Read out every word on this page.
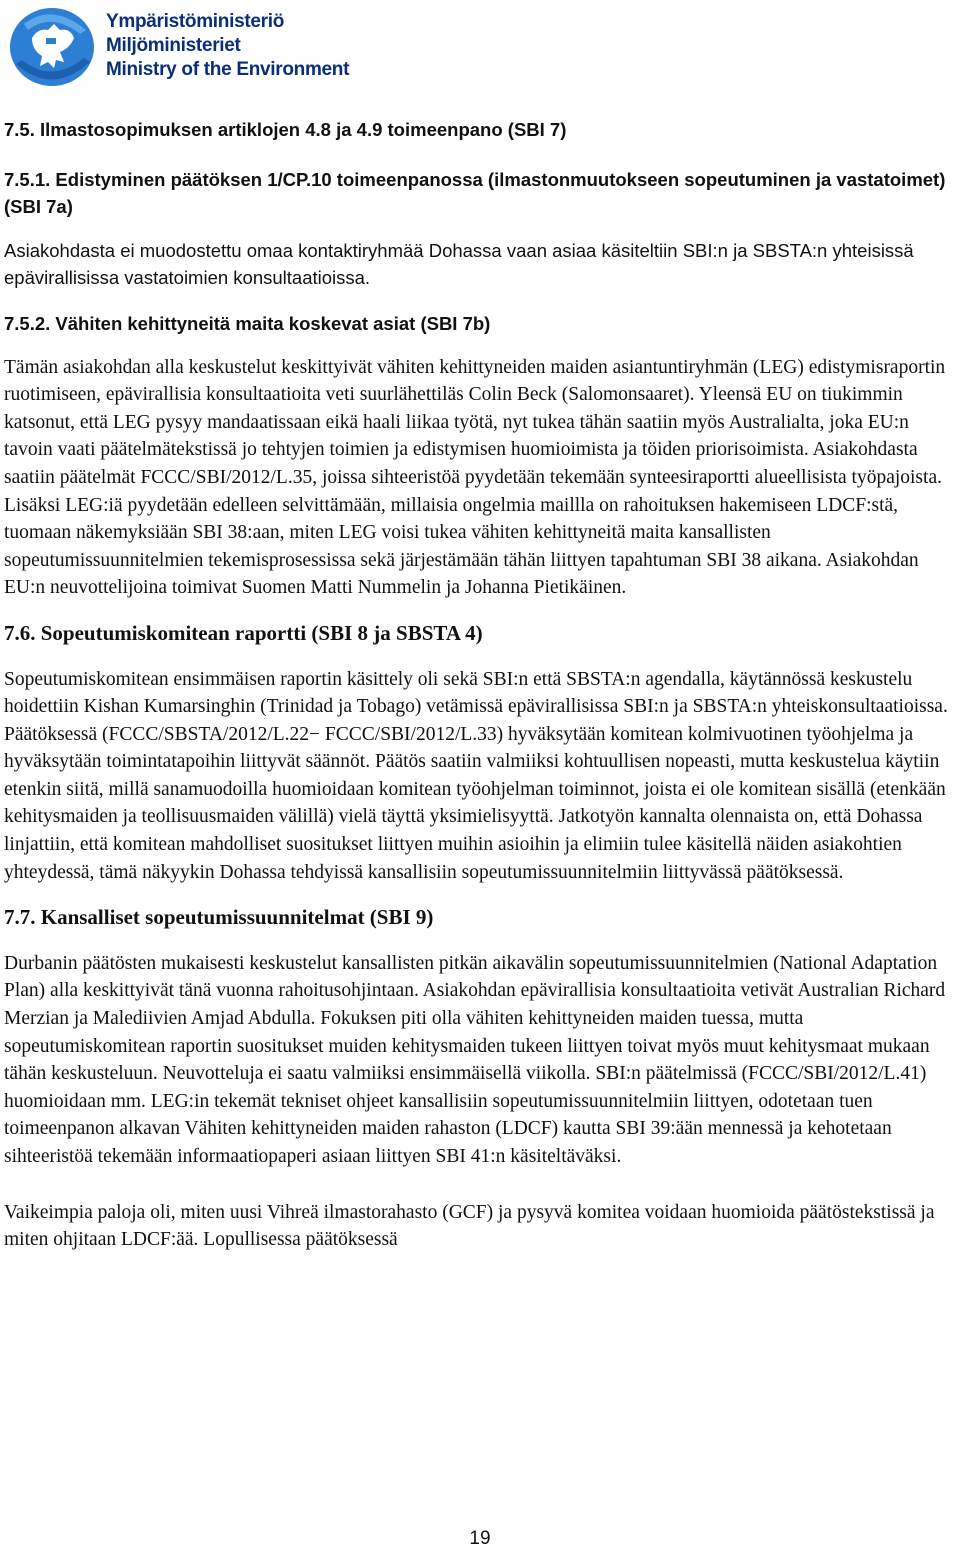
Ympäristöministeriö
Miljöministeriet
Ministry of the Environment

7.5. Ilmastosopimuksen artiklojen 4.8 ja 4.9 toimeenpano (SBI 7)

7.5.1. Edistyminen päätöksen 1/CP.10 toimeenpanossa (ilmastonmuutokseen sopeutuminen ja vastatoimet) (SBI 7a)

Asiakohdasta ei muodostettu omaa kontaktiryhmää Dohassa vaan asiaa käsiteltiin SBI:n ja SBSTA:n yhteisissä epävirallisissa vastatoimien konsultaatioissa.

7.5.2. Vähiten kehittyneitä maita koskevat asiat (SBI 7b)

Tämän asiakohdan alla keskustelut keskittyivät vähiten kehittyneiden maiden asiantuntiryhmän (LEG) edistymisraportin ruotimiseen, epävirallisia konsultaatioita veti suurlähettiläs Colin Beck (Salomonsaaret). Yleensä EU on tiukimmin katsonut, että LEG pysyy mandaatissaan eikä haali liikaa työtä, nyt tukea tähän saatiin myös Australialta, joka EU:n tavoin vaati päätelmätekstissä jo tehtyjen toimien ja edistymisen huomioimista ja töiden priorisoimista. Asiakohdasta saatiin päätelmät FCCC/SBI/2012/L.35, joissa sihteeristöä pyydetään tekemään synteesiraportti alueellisista työpajoista. Lisäksi LEG:iä pyydetään edelleen selvittämään, millaisia ongelmia maillla on rahoituksen hakemiseen LDCF:stä, tuomaan näkemyksiään SBI 38:aan, miten LEG voisi tukea vähiten kehittyneitä maita kansallisten sopeutumissuunnitelmien tekemisprosessissa sekä järjestämään tähän liittyen tapahtuman SBI 38 aikana. Asiakohdan EU:n neuvottelijoina toimivat Suomen Matti Nummelin ja Johanna Pietikäinen.

7.6. Sopeutumiskomitean raportti (SBI 8 ja SBSTA 4)

Sopeutumiskomitean ensimmäisen raportin käsittely oli sekä SBI:n että SBSTA:n agendalla, käytännössä keskustelu hoidettiin Kishan Kumarsinghin (Trinidad ja Tobago) vetämissä epävirallisissa SBI:n ja SBSTA:n yhteiskonsultaatioissa. Päätöksessä (FCCC/SBSTA/2012/L.22− FCCC/SBI/2012/L.33) hyväksytään komitean kolmivuotinen työohjelma ja hyväksytään toimintatapoihin liittyvät säännöt. Päätös saatiin valmiiksi kohtuullisen nopeasti, mutta keskustelua käytiin etenkin siitä, millä sanamuodoilla huomioidaan komitean työohjelman toiminnot, joista ei ole komitean sisällä (etenkään kehitysmaiden ja teollisuusmaiden välillä) vielä täyttä yksimielisyyttä. Jatkotyön kannalta olennaista on, että Dohassa linjattiin, että komitean mahdolliset suositukset liittyen muihin asioihin ja elimiin tulee käsitellä näiden asiakohtien yhteydessä, tämä näkyykin Dohassa tehdyissä kansallisiin sopeutumissuunnitelmiin liittyvässä päätöksessä.

7.7. Kansalliset sopeutumissuunnitelmat (SBI 9)

Durbanin päätösten mukaisesti keskustelut kansallisten pitkän aikavälin sopeutumissuunnitelmien (National Adaptation Plan) alla keskittyivät tänä vuonna rahoitusohjintaan. Asiakohdan epävirallisia konsultaatioita vetivät Australian Richard Merzian ja Malediivien Amjad Abdulla. Fokuksen piti olla vähiten kehittyneiden maiden tuessa, mutta sopeutumiskomitean raportin suositukset muiden kehitysmaiden tukeen liittyen toivat myös muut kehitysmaat mukaan tähän keskusteluun. Neuvotteluja ei saatu valmiiksi ensimmäisellä viikolla. SBI:n päätelmissä (FCCC/SBI/2012/L.41) huomioidaan mm. LEG:in tekemät tekniset ohjeet kansallisiin sopeutumissuunnitelmiin liittyen, odotetaan tuen toimeenpanon alkavan Vähiten kehittyneiden maiden rahaston (LDCF) kautta SBI 39:ään mennessä ja kehotetaan sihteeristöä tekemään informaatiopaperi asiaan liittyen SBI 41:n käsiteltäväksi.

Vaikeimpia paloja oli, miten uusi Vihreä ilmastorahasto (GCF) ja pysyvä komitea voidaan huomioida päätöstekstissä ja miten ohjitaan LDCF:ää. Lopullisessa päätöksessä

19
